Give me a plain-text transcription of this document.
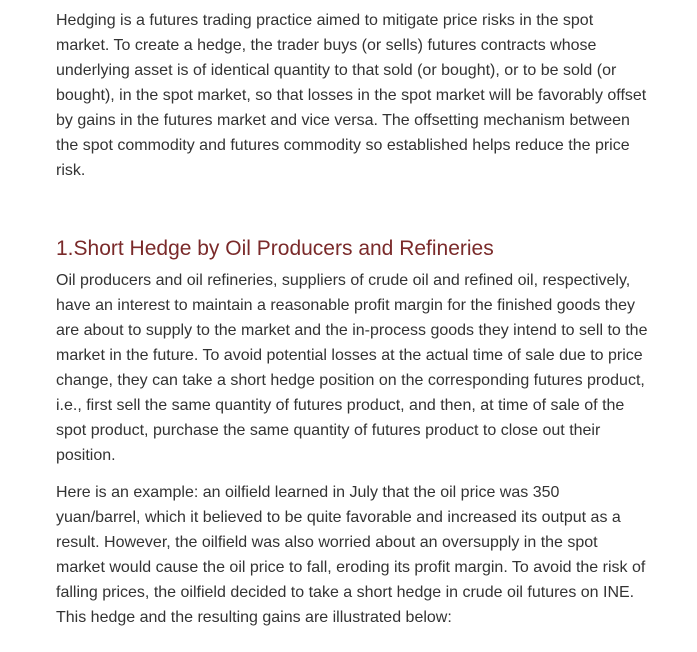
Hedging is a futures trading practice aimed to mitigate price risks in the spot market. To create a hedge, the trader buys (or sells) futures contracts whose underlying asset is of identical quantity to that sold (or bought), or to be sold (or bought), in the spot market, so that losses in the spot market will be favorably offset by gains in the futures market and vice versa. The offsetting mechanism between the spot commodity and futures commodity so established helps reduce the price risk.

1.Short Hedge by Oil Producers and Refineries

Oil producers and oil refineries, suppliers of crude oil and refined oil, respectively, have an interest to maintain a reasonable profit margin for the finished goods they are about to supply to the market and the in-process goods they intend to sell to the market in the future. To avoid potential losses at the actual time of sale due to price change, they can take a short hedge position on the corresponding futures product, i.e., first sell the same quantity of futures product, and then, at time of sale of the spot product, purchase the same quantity of futures product to close out their position.

Here is an example: an oilfield learned in July that the oil price was 350 yuan/barrel, which it believed to be quite favorable and increased its output as a result. However, the oilfield was also worried about an oversupply in the spot market would cause the oil price to fall, eroding its profit margin. To avoid the risk of falling prices, the oilfield decided to take a short hedge in crude oil futures on INE. This hedge and the resulting gains are illustrated below:
